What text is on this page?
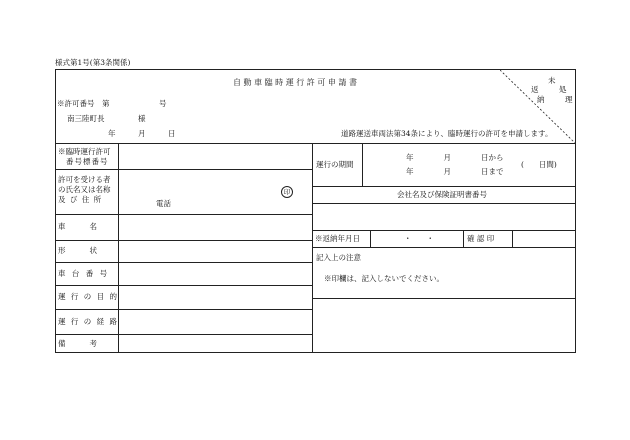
様式第1号(第3条関係)
自 動 車 臨 時 運 行 許 可 申 請 書	未
返	処
納	理
※許可番号　第	号
南三陸町長	様
年　　　月　　　日	道路運送車両法第34条により、臨時運行の許可を申請します。
※臨時運行許可
番号標番号
許可を受ける者
の氏名又は名称
及 び 住 所
印
電話
車　　名
形　　状
車 台 番 号
運 行 の 目 的
運 行 の 経 路
備　　考
運行の期間
年　　　　月　　　　日から
年　　　　月　　　　日まで
(　　日間)
会社名及び保険証明書番号
※返納年月日	・　　・	確 認 印
記入上の注意
※印欄は、記入しないでください。
